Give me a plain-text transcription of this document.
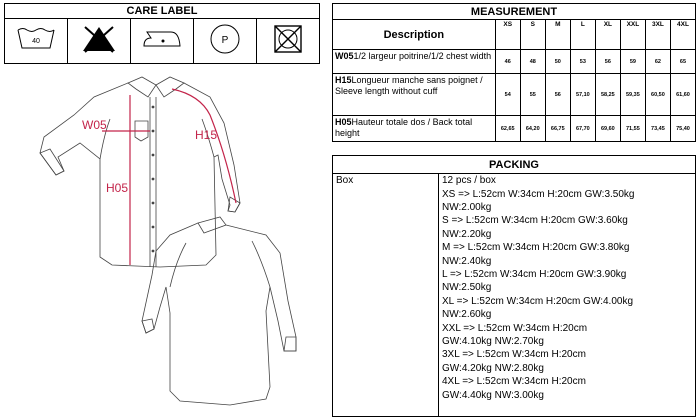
CARE LABEL

40			P

W05
H15
H05
MEASUREMENT								
Description	XS	S	M	L	XL	XXL	3XL	4XL
W051/2 largeur poitrine/1/2 chest width	46	48	50	53	56	59	62	65
H15Longueur manche sans poignet / Sleeve length without cuff	54	55	56	57,10	58,25	59,35	60,50	61,60
H05Hauteur totale dos / Back total height	62,65	64,20	66,75	67,70	69,60	71,55	73,45	75,40
PACKING
Box	12 pcs / box
XS => L:52cm W:34cm H:20cm GW:3.50kg
NW:2.00kg
S => L:52cm W:34cm H:20cm GW:3.60kg
NW:2.20kg
M => L:52cm W:34cm H:20cm GW:3.80kg
NW:2.40kg
L => L:52cm W:34cm H:20cm GW:3.90kg
NW:2.50kg
XL => L:52cm W:34cm H:20cm GW:4.00kg
NW:2.60kg
XXL => L:52cm W:34cm H:20cm
GW:4.10kg NW:2.70kg
3XL => L:52cm W:34cm H:20cm
GW:4.20kg NW:2.80kg
4XL => L:52cm W:34cm H:20cm
GW:4.40kg NW:3.00kg
